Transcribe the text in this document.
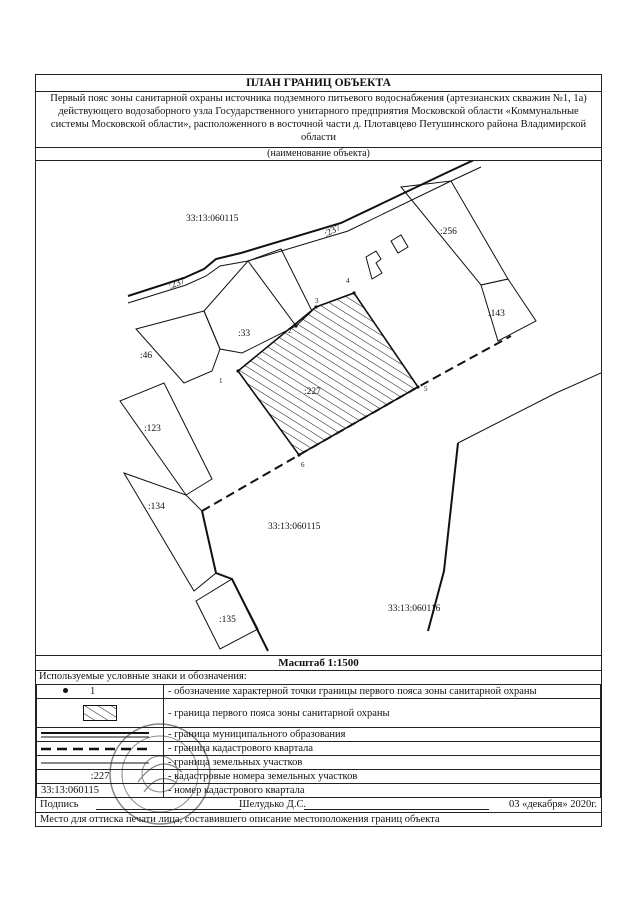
ПЛАН ГРАНИЦ ОБЪЕКТА
Первый пояс зоны санитарной охраны источника подземного питьевого водоснабжения (артезианских скважин №1, 1а) действующего водозаборного узла Государственного унитарного предприятия Московской области «Коммунальные системы Московской области», расположенного в восточной части д. Плотавцево Петушинского района Владимирской области
(наименование объекта)
33:13:060115
33:13:060115
33:13:060116
:237
:237
:256
:143
:33
:46
:227
:123
:134
:135
1
2
3
4
5
6
Масштаб 1:1500
Используемые условные знаки и обозначения:
1	- обозначение характерной точки границы первого пояса зоны санитарной охраны

	- граница первого пояса зоны санитарной охраны

	- граница муниципального образования

	- граница кадастрового квартала

	- граница земельных участков
:227	- кадастровые номера земельных участков
33:13:060115	- номер кадастрового квартала
Подпись	Шелудько Д.С.	03 «декабря» 2020г.
Место для оттиска печати лица, составившего описание местоположения границ объекта
